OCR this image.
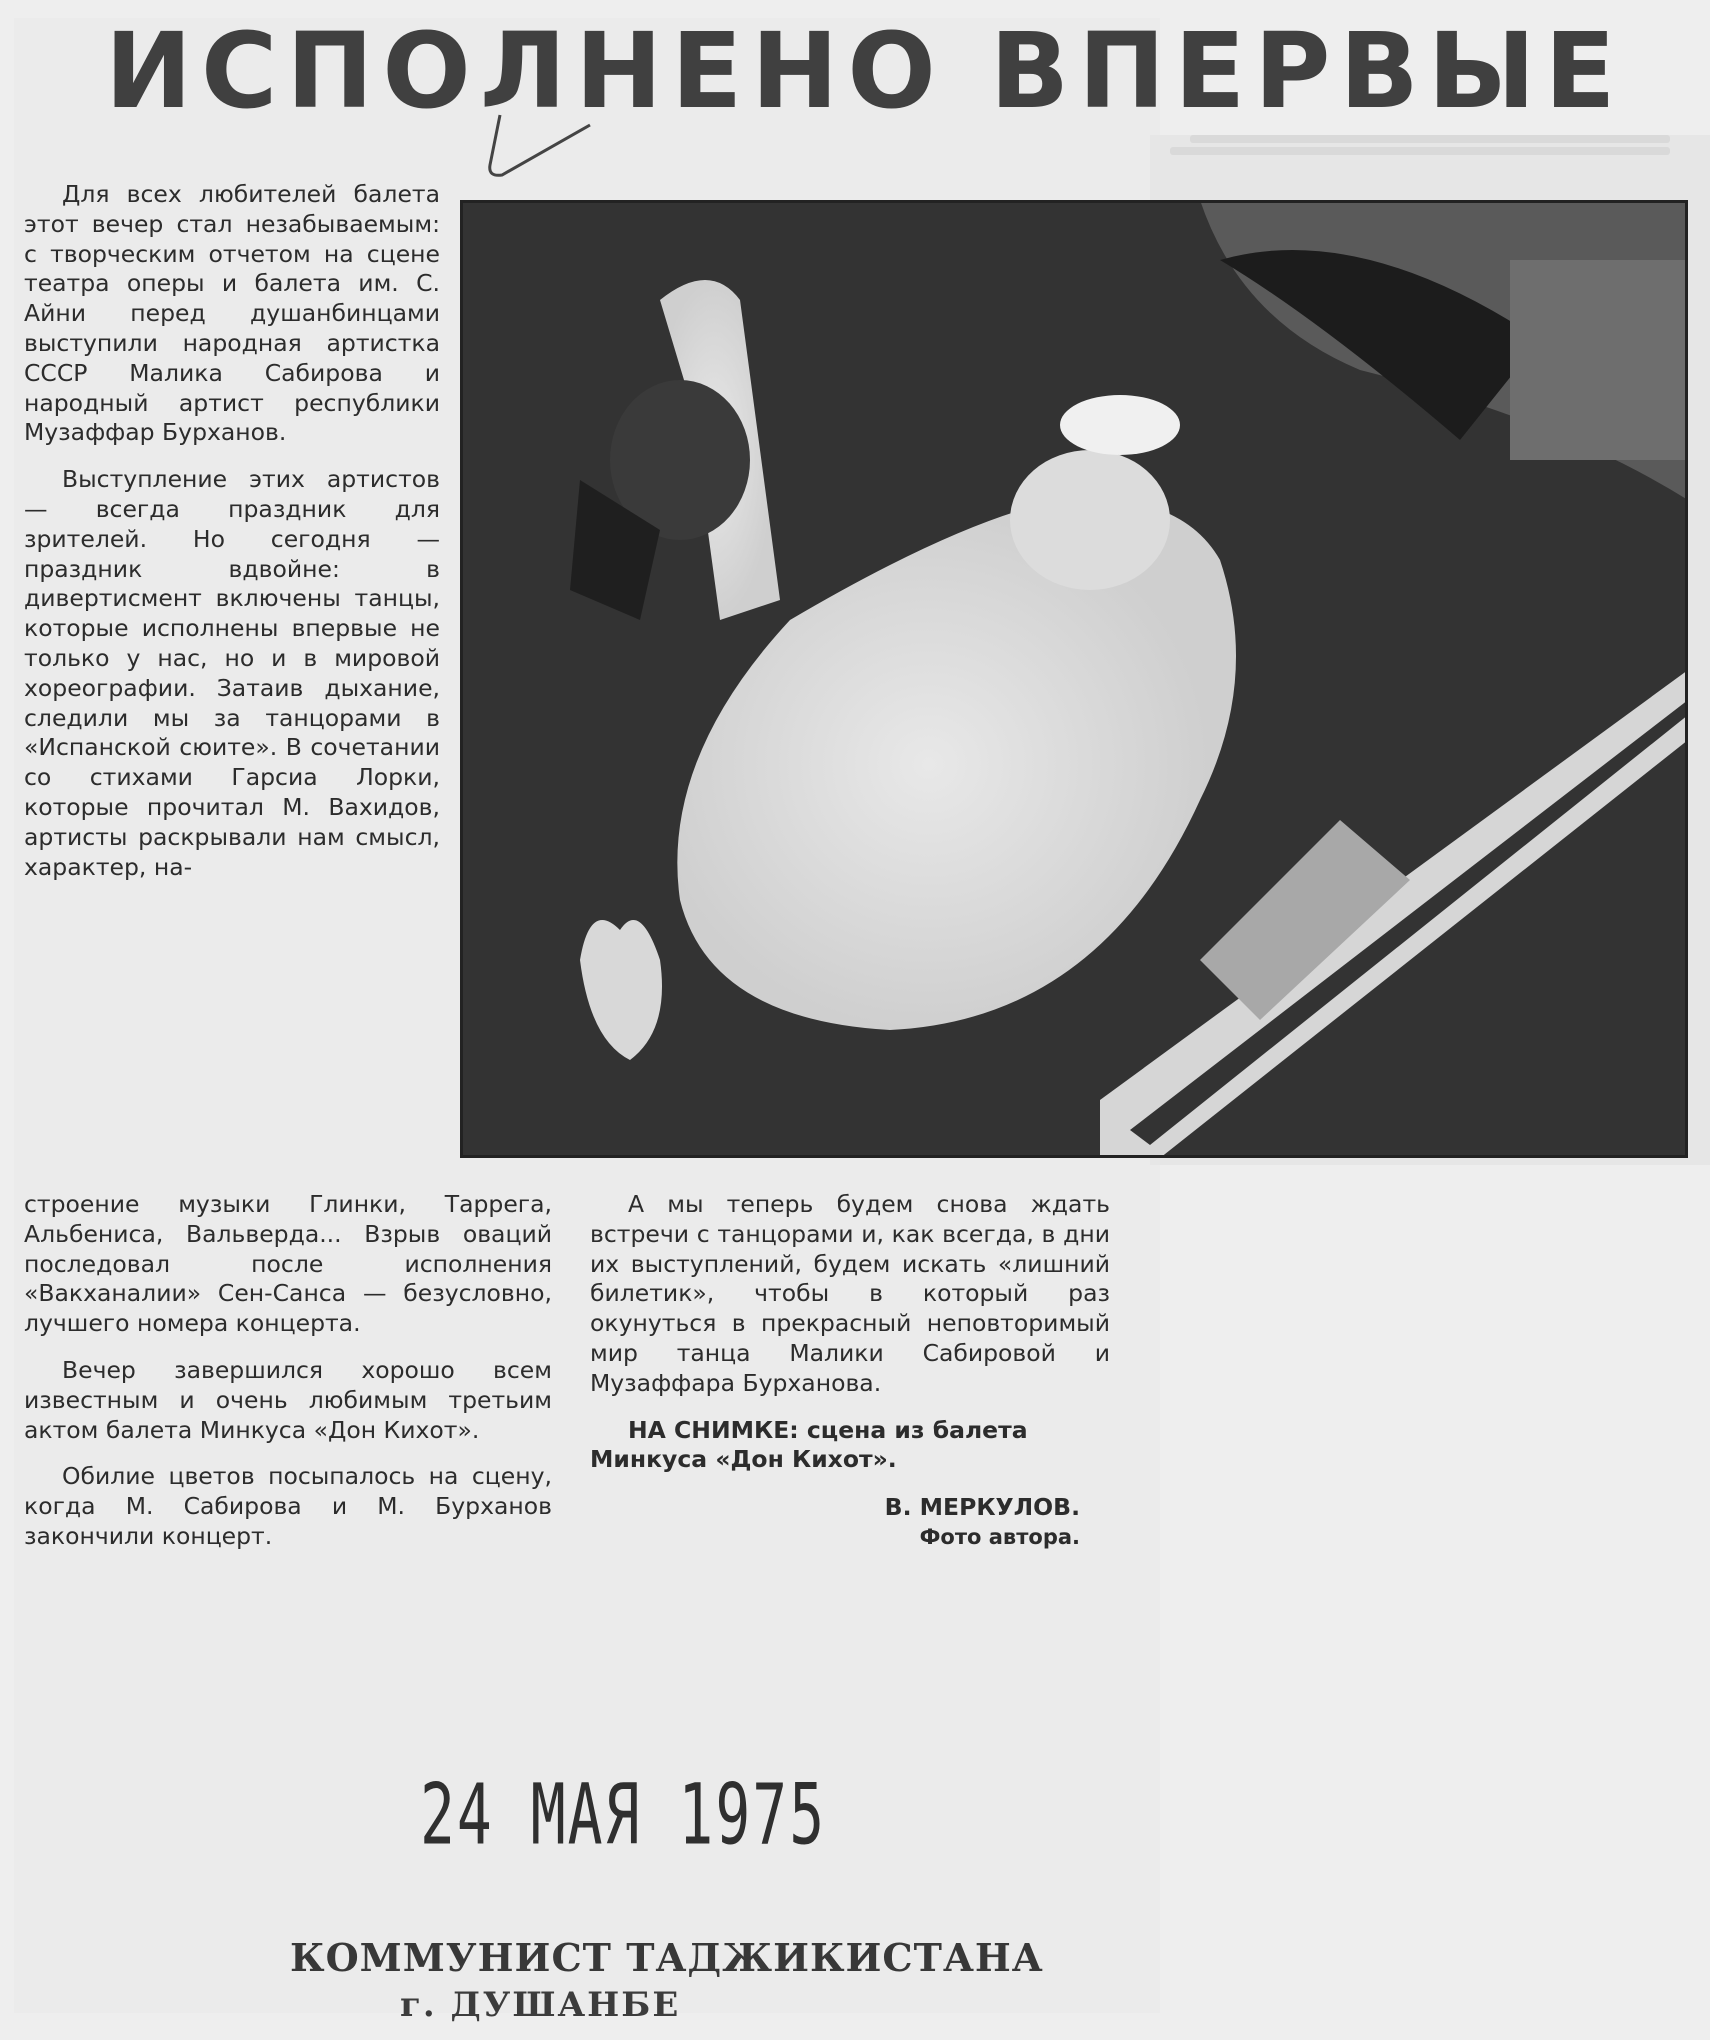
ИСПОЛНЕНО ВПЕРВЫЕ

Для всех любителей балета этот вечер стал незабываемым: с творческим отчетом на сцене театра оперы и балета им. С. Айни перед душанбинцами выступили народная артистка СССР Малика Сабирова и народный артист республики Музаффар Бурханов.

Выступление этих артистов — всегда праздник для зрителей. Но сегодня — праздник вдвойне: в дивертисмент включены танцы, которые исполнены впервые не только у нас, но и в мировой хореографии. Затаив дыхание, следили мы за танцорами в «Испанской сюите». В сочетании со стихами Гарсиа Лорки, которые прочитал М. Вахидов, артисты раскрывали нам смысл, характер, на-

строение музыки Глинки, Таррега, Альбениса, Вальверда... Взрыв оваций последовал после исполнения «Вакханалии» Сен-Санса — безусловно, лучшего номера концерта.

Вечер завершился хорошо всем известным и очень любимым третьим актом балета Минкуса «Дон Кихот».

Обилие цветов посыпалось на сцену, когда М. Сабирова и М. Бурханов закончили концерт.

А мы теперь будем снова ждать встречи с танцорами и, как всегда, в дни их выступлений, будем искать «лишний билетик», чтобы в который раз окунуться в прекрасный неповторимый мир танца Малики Сабировой и Музаффара Бурханова.

НА СНИМКЕ: сцена из балета Минкуса «Дон Кихот».
В. МЕРКУЛОВ.
Фото автора.

24 МАЯ 1975

КОММУНИСТ ТАДЖИКИСТАНА

г. ДУШАНБЕ
